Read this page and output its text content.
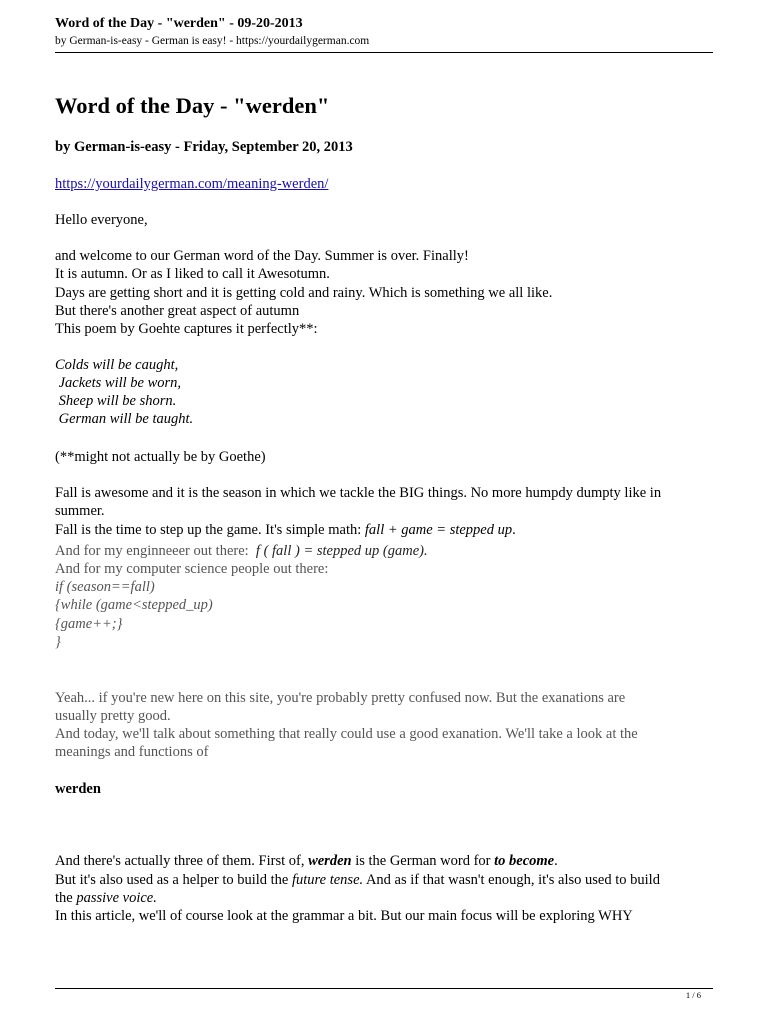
Word of the Day - "werden" - 09-20-2013
by German-is-easy - German is easy! - https://yourdailygerman.com
Word of the Day - "werden"
by German-is-easy - Friday, September 20, 2013
https://yourdailygerman.com/meaning-werden/
Hello everyone,
and welcome to our German word of the Day. Summer is over. Finally!
It is autumn. Or as I liked to call it Awesotumn.
Days are getting short and it is getting cold and rainy. Which is something we all like.
But there's another great aspect of autumn
This poem by Goehte captures it perfectly**:
Colds will be caught,
Jackets will be worn,
Sheep will be shorn.
German will be taught.
(**might not actually be by Goethe)
Fall is awesome and it is the season in which we tackle the BIG things. No more humpdy dumpty like in
summer.
Fall is the time to step up the game. It's simple math: fall + game = stepped up.
And for my enginneeer out there:  f ( fall ) = stepped up (game).
And for my computer science people out there:
if (season==fall)
{while (game<stepped_up)
{game++;}
}
Yeah... if you're new here on this site, you're probably pretty confused now. But the exanations are
usually pretty good.
And today, we'll talk about something that really could use a good exanation. We'll take a look at the
meanings and functions of
werden
And there's actually three of them. First of, werden is the German word for to become.
But it's also used as a helper to build the future tense. And as if that wasn't enough, it's also used to build
the passive voice.
In this article, we'll of course look at the grammar a bit. But our main focus will be exploring WHY
1 / 6
